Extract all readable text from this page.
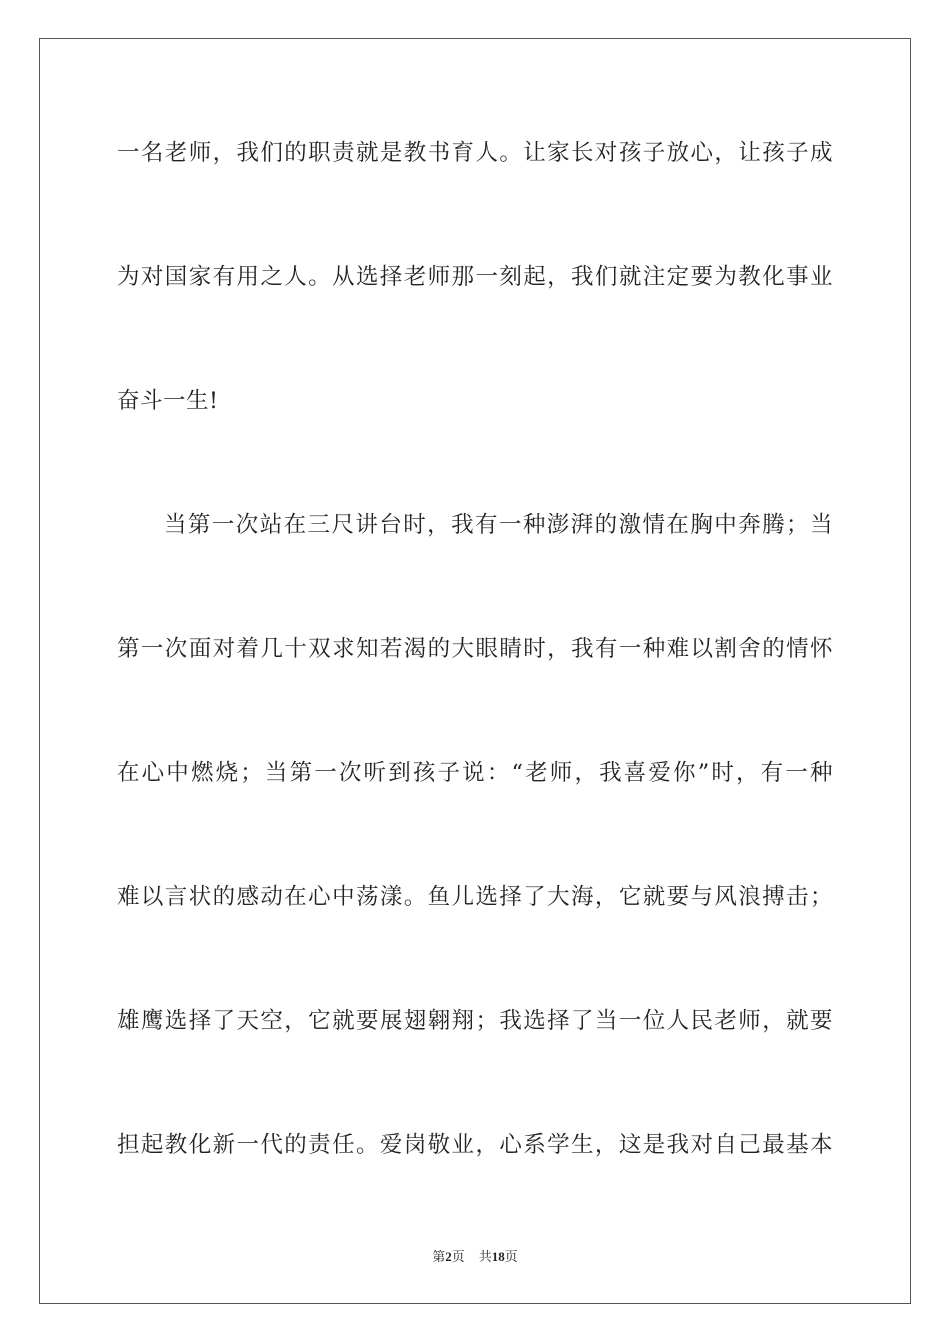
一名老师，我们的职责就是教书育人。让家长对孩子放心，让孩子成
为对国家有用之人。从选择老师那一刻起，我们就注定要为教化事业
奋斗一生!
当第一次站在三尺讲台时，我有一种澎湃的激情在胸中奔腾；当
第一次面对着几十双求知若渴的大眼睛时，我有一种难以割舍的情怀
在心中燃烧；当第一次听到孩子说：“老师，我喜爱你”时，有一种
难以言状的感动在心中荡漾。鱼儿选择了大海，它就要与风浪搏击；
雄鹰选择了天空，它就要展翅翱翔；我选择了当一位人民老师，就要
担起教化新一代的责任。爱岗敬业，心系学生，这是我对自己最基本
第2页 共18页
